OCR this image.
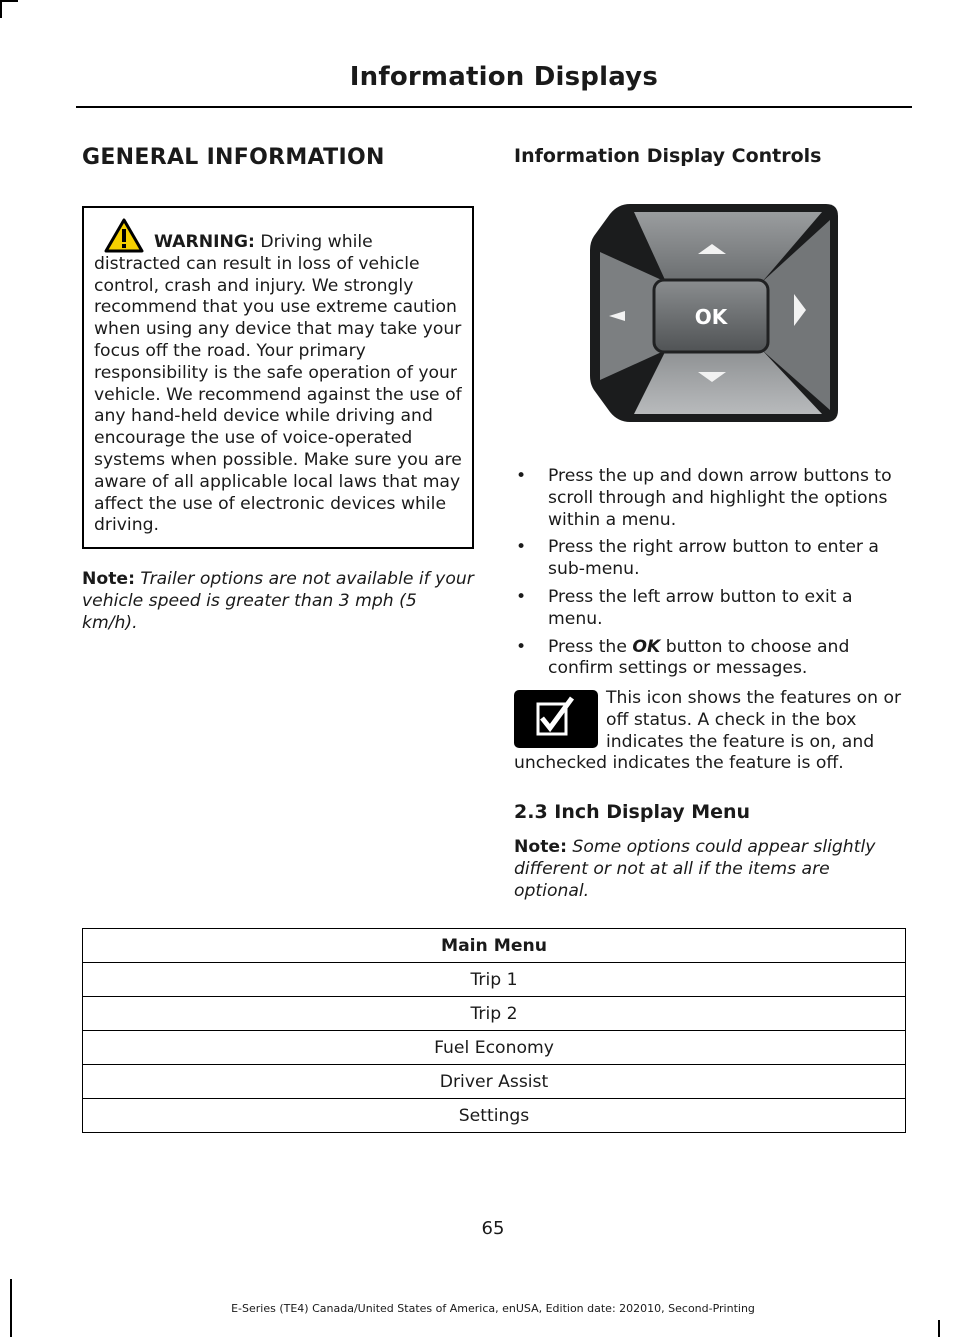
Information Displays
GENERAL INFORMATION
WARNING: Driving while distracted can result in loss of vehicle control, crash and injury. We strongly recommend that you use extreme caution when using any device that may take your focus off the road. Your primary responsibility is the safe operation of your vehicle. We recommend against the use of any hand-held device while driving and encourage the use of voice-operated systems when possible. Make sure you are aware of all applicable local laws that may affect the use of electronic devices while driving.
Note: Trailer options are not available if your vehicle speed is greater than 3 mph (5 km/h).
Information Display Controls
OK
• Press the up and down arrow buttons to scroll through and highlight the options within a menu.
• Press the right arrow button to enter a sub-menu.
• Press the left arrow button to exit a menu.
• Press the OK button to choose and confirm settings or messages.
This icon shows the features on or off status. A check in the box indicates the feature is on, and unchecked indicates the feature is off.
2.3 Inch Display Menu
Note: Some options could appear slightly different or not at all if the items are optional.
Main Menu
Trip 1
Trip 2
Fuel Economy
Driver Assist
Settings
65
E-Series (TE4) Canada/United States of America, enUSA, Edition date: 202010, Second-Printing
